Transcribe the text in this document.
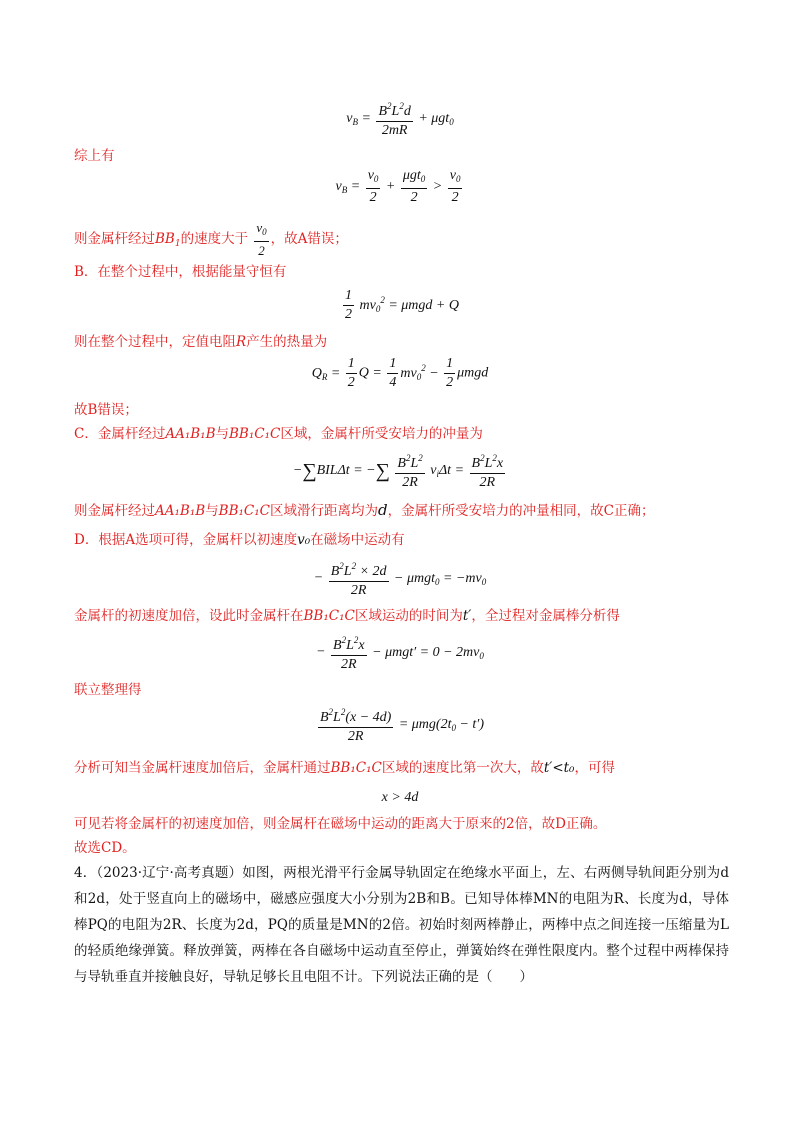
$v_B = \frac{B^2L^2d}{2mR} + \mu gt_0$
综上有
$v_B = \frac{v_0}{2} + \frac{\mu gt_0}{2} > \frac{v_0}{2}$
则金属杆经过$BB_1$的速度大于 $\frac{v_0}{2}$ ，故A错误；
B．在整个过程中，根据能量守恒有
$\frac{1}{2} mv_0^2 = \mu mgd + Q$
则在整个过程中，定值电阻R产生的热量为
$Q_R = \frac{1}{2}$ $Q = \frac{1}{4} mv_0^2 - \frac{1}{2}$ μmgd
故B错误；
C．金属杆经过AA₁B₁B与BB₁C₁C区域，金属杆所受安培力的冲量为
−∑BILΔt = −∑ $\frac{B^2L^2}{2R} v_i\Delta t = \frac{B^2L^2x}{2R}$
则金属杆经过AA₁B₁B与BB₁C₁C区域滑行距离均为d，金属杆所受安培力的冲量相同，故C正确；
D．根据A选项可得，金属杆以初速度v₀在磁场中运动有
− $\frac{B^2L^2 \times 2d}{2R} - \mu mgt_0 = -mv_0$
金属杆的初速度加倍，设此时金属杆在BB₁C₁C区域运动的时间为t′，全过程对金属棒分析得
− $\frac{B^2L^2x}{2R} - \mu mgt' = 0 - 2mv_0$
联立整理得
$\frac{B^2L^2(x - 4d)}{2R} = \mu mg(2t_0 - t')$
分析可知当金属杆速度加倍后，金属杆通过BB₁C₁C区域的速度比第一次大，故t′<t₀，可得
x > 4d
可见若将金属杆的初速度加倍，则金属杆在磁场中运动的距离大于原来的2倍，故D正确。
故选CD。
4．（2023·辽宁·高考真题）如图，两根光滑平行金属导轨固定在绝缘水平面上，左、右两侧导轨间距分别为d和2d，处于竖直向上的磁场中，磁感应强度大小分别为2B和B。已知导体棒MN的电阻为R、长度为d，导体棒PQ的电阻为2R、长度为2d，PQ的质量是MN的2倍。初始时刻两棒静止，两棒中点之间连接一压缩量为L的轻质绝缘弹簧。释放弹簧，两棒在各自磁场中运动直至停止，弹簧始终在弹性限度内。整个过程中两棒保持与导轨垂直并接触良好，导轨足够长且电阻不计。下列说法正确的是（　　）
